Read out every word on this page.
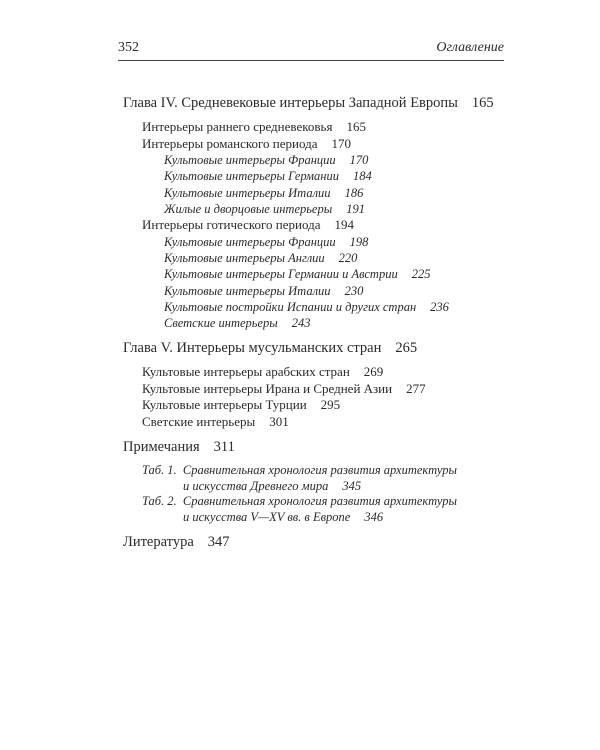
352	Оглавление
Глава IV. Средневековые интерьеры Западной Европы 165
Интерьеры раннего средневековья 165
Интерьеры романского периода 170
Культовые интерьеры Франции 170
Культовые интерьеры Германии 184
Культовые интерьеры Италии 186
Жилые и дворцовые интерьеры 191
Интерьеры готического периода 194
Культовые интерьеры Франции 198
Культовые интерьеры Англии 220
Культовые интерьеры Германии и Австрии 225
Культовые интерьеры Италии 230
Культовые постройки Испании и других стран 236
Светские интерьеры 243
Глава V. Интерьеры мусульманских стран 265
Культовые интерьеры арабских стран 269
Культовые интерьеры Ирана и Средней Азии 277
Культовые интерьеры Турции 295
Светские интерьеры 301
Примечания 311
Таб. 1. Сравнительная хронология развития архитектуры
и искусства Древнего мира 345
Таб. 2. Сравнительная хронология развития архитектуры
и искусства V—XV вв. в Европе 346
Литература 347
